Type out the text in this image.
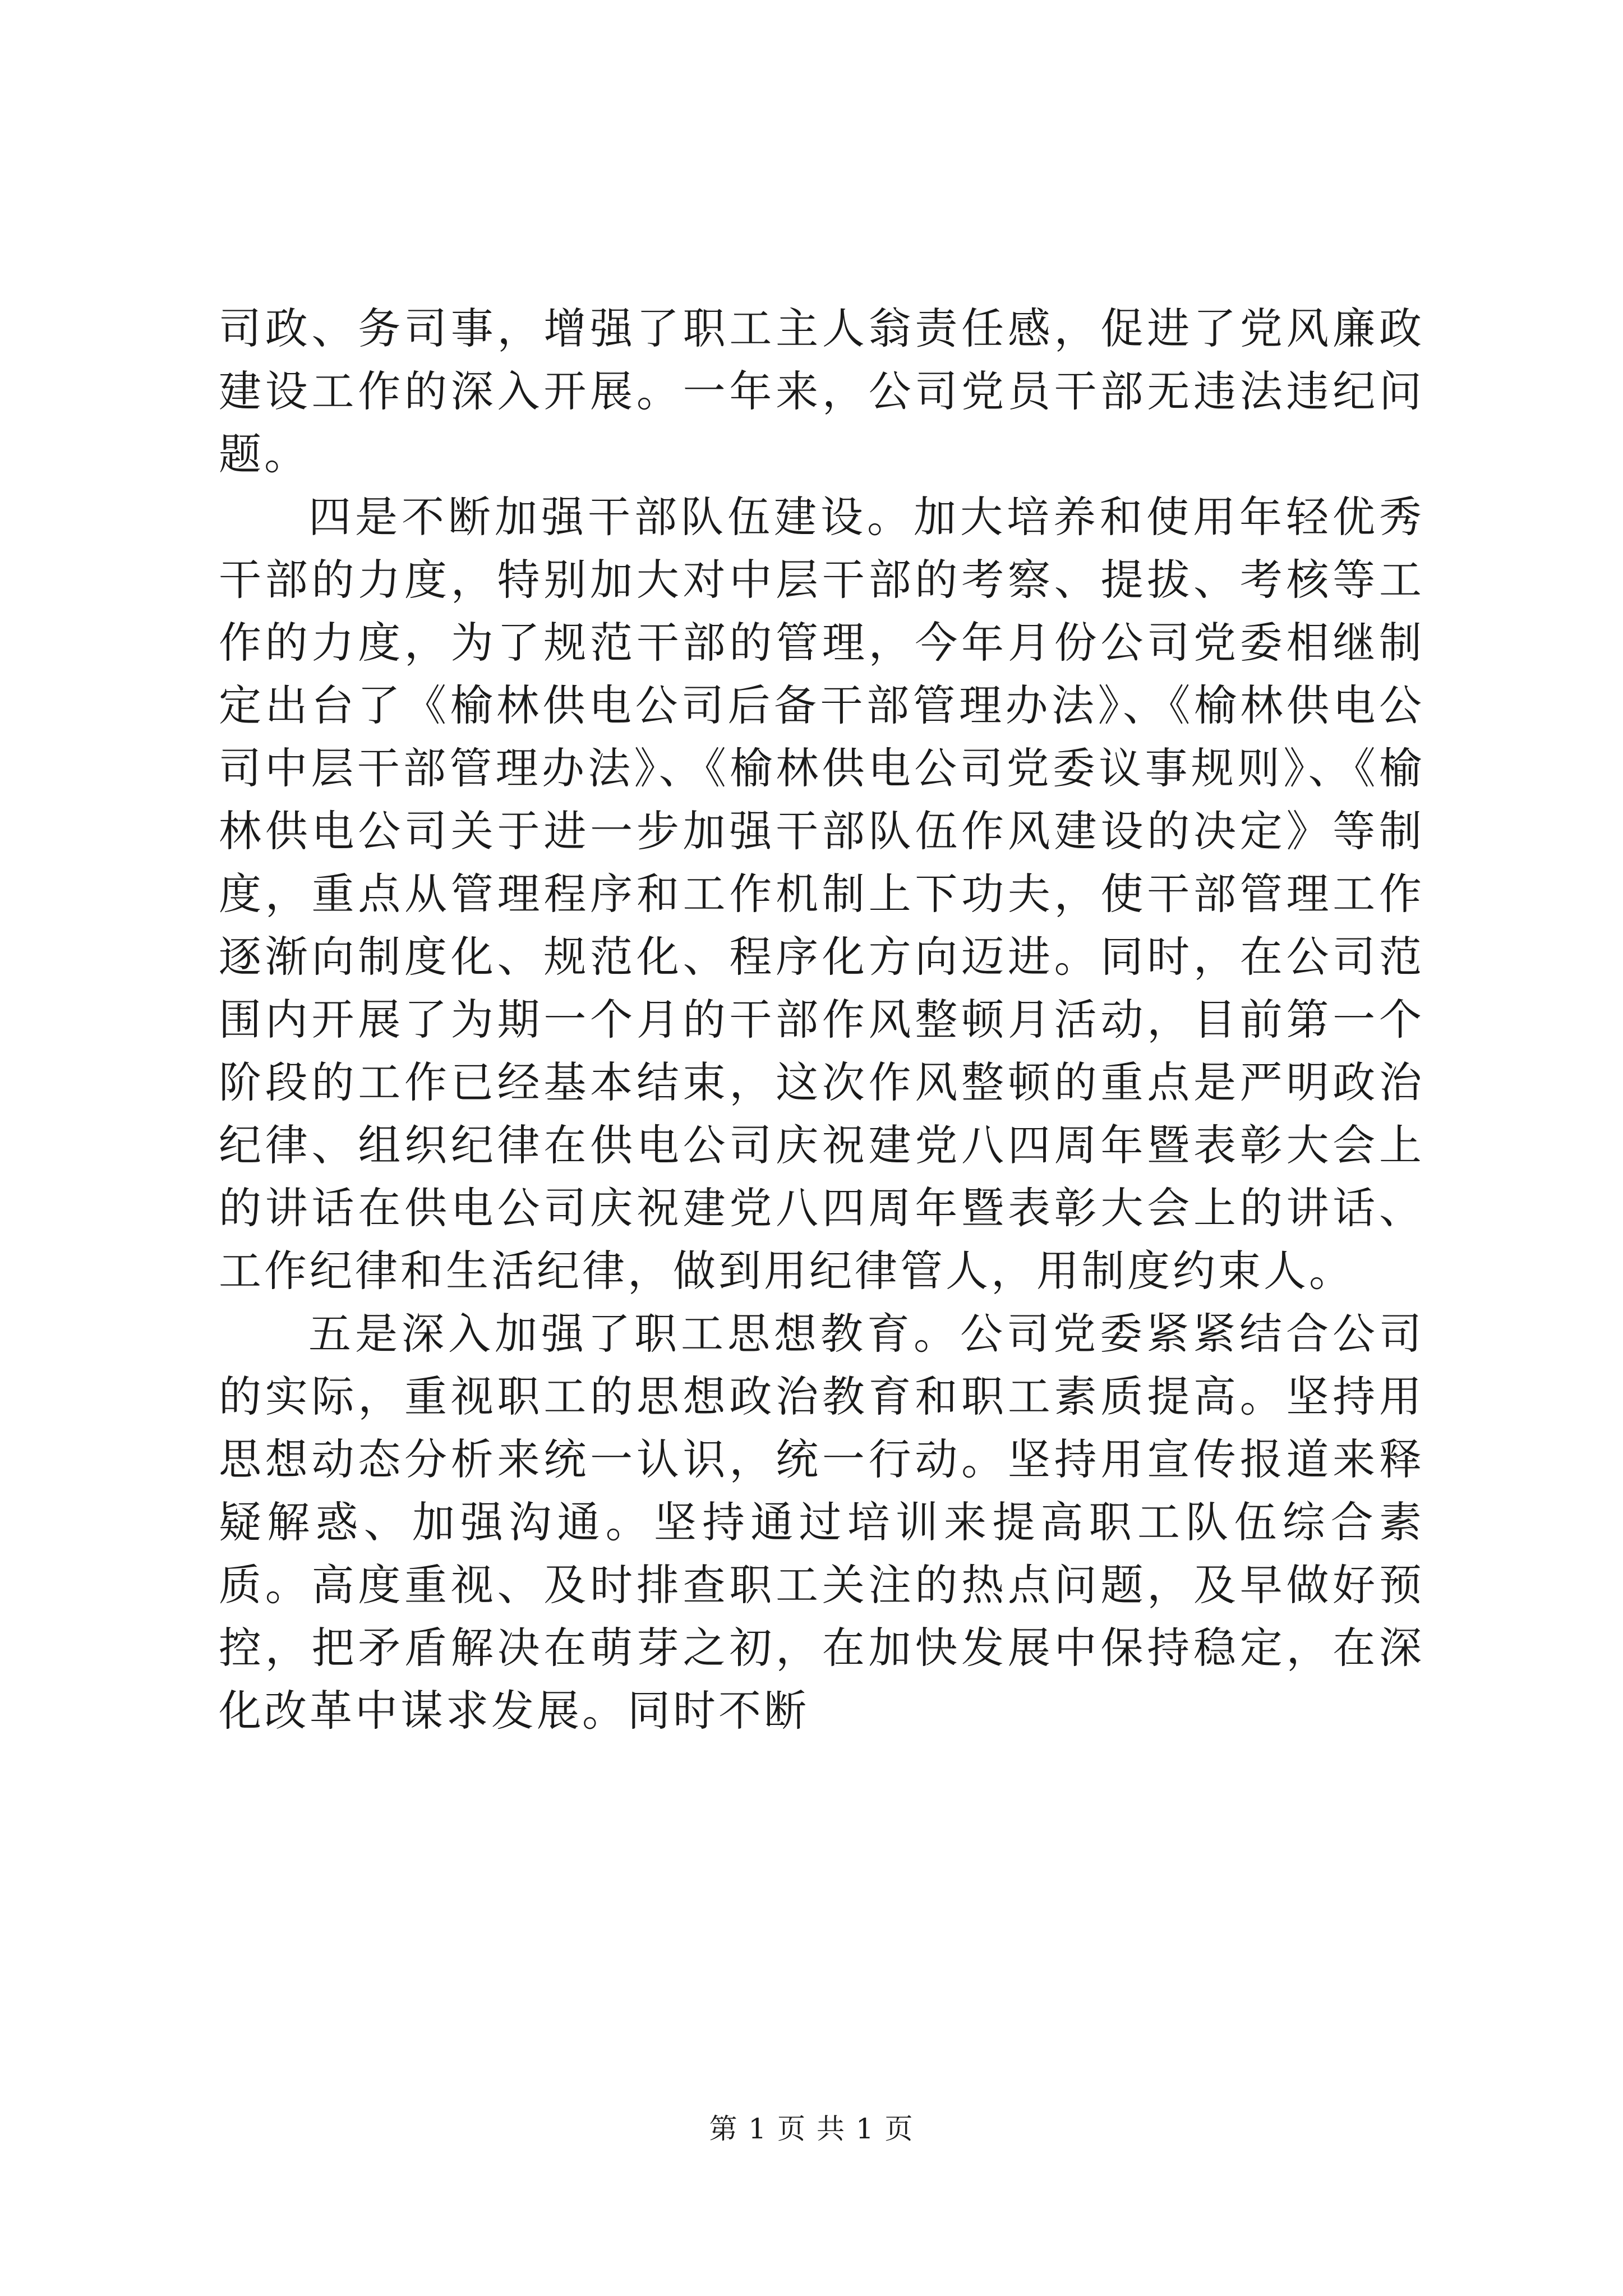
司政、务司事，增强了职工主人翁责任感，促进了党风廉政建设工作的深入开展。一年来，公司党员干部无违法违纪问题。

四是不断加强干部队伍建设。加大培养和使用年轻优秀干部的力度，特别加大对中层干部的考察、提拔、考核等工作的力度，为了规范干部的管理，今年月份公司党委相继制定出台了《榆林供电公司后备干部管理办法》、《榆林供电公司中层干部管理办法》、《榆林供电公司党委议事规则》、《榆林供电公司关于进一步加强干部队伍作风建设的决定》等制度，重点从管理程序和工作机制上下功夫，使干部管理工作逐渐向制度化、规范化、程序化方向迈进。同时，在公司范围内开展了为期一个月的干部作风整顿月活动，目前第一个阶段的工作已经基本结束，这次作风整顿的重点是严明政治纪律、组织纪律在供电公司庆祝建党八四周年暨表彰大会上的讲话在供电公司庆祝建党八四周年暨表彰大会上的讲话、工作纪律和生活纪律，做到用纪律管人，用制度约束人。

五是深入加强了职工思想教育。公司党委紧紧结合公司的实际，重视职工的思想政治教育和职工素质提高。坚持用思想动态分析来统一认识，统一行动。坚持用宣传报道来释疑解惑、加强沟通。坚持通过培训来提高职工队伍综合素质。高度重视、及时排查职工关注的热点问题，及早做好预控，把矛盾解决在萌芽之初，在加快发展中保持稳定，在深化改革中谋求发展。同时不断

第 1 页 共 1 页
